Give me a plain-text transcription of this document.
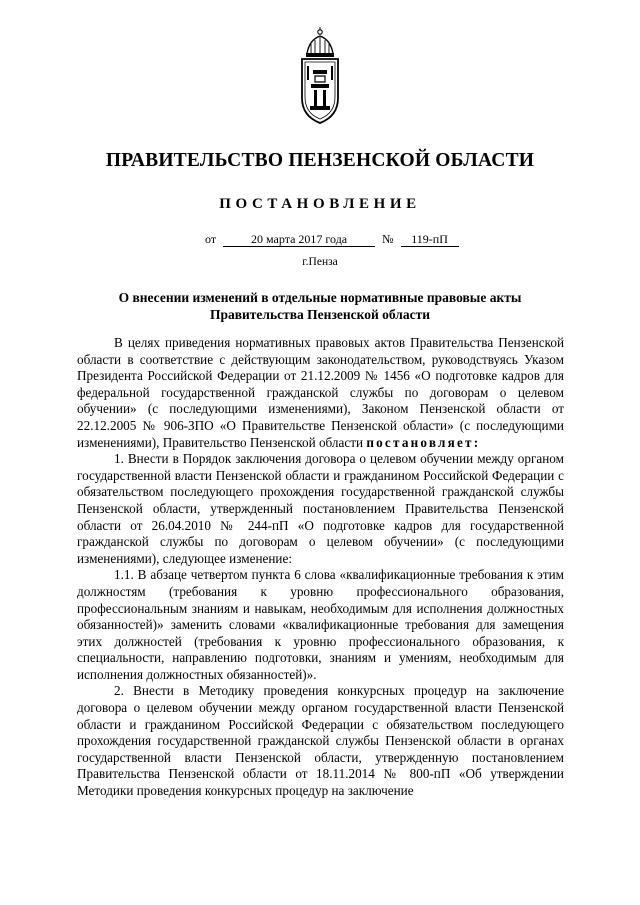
ПРАВИТЕЛЬСТВО ПЕНЗЕНСКОЙ ОБЛАСТИ
ПОСТАНОВЛЕНИЕ
от	20 марта 2017 года	№ 119-пП
г.Пенза
О внесении изменений в отдельные нормативные правовые акты
Правительства Пензенской области

В целях приведения нормативных правовых актов Правительства Пензенской области в соответствие с действующим законодательством, руководствуясь Указом Президента Российской Федерации от 21.12.2009 № 1456 «О подготовке кадров для федеральной государственной гражданской службы по договорам о целевом обучении» (с последующими изменениями), Законом Пензенской области от 22.12.2005 № 906-ЗПО «О Правительстве Пензенской области» (с последующими изменениями), Правительство Пензенской области постановляет:

1. Внести в Порядок заключения договора о целевом обучении между органом государственной власти Пензенской области и гражданином Российской Федерации с обязательством последующего прохождения государственной гражданской службы Пензенской области, утвержденный постановлением Правительства Пензенской области от 26.04.2010 № 244-пП «О подготовке кадров для государственной гражданской службы по договорам о целевом обучении» (с последующими изменениями), следующее изменение:

1.1. В абзаце четвертом пункта 6 слова «квалификационные требования к этим должностям (требования к уровню профессионального образования, профессиональным знаниям и навыкам, необходимым для исполнения должностных обязанностей)» заменить словами «квалификационные требования для замещения этих должностей (требования к уровню профессионального образования, к специальности, направлению подготовки, знаниям и умениям, необходимым для исполнения должностных обязанностей)».

2. Внести в Методику проведения конкурсных процедур на заключение договора о целевом обучении между органом государственной власти Пензенской области и гражданином Российской Федерации с обязательством последующего прохождения государственной гражданской службы Пензенской области в органах государственной власти Пензенской области, утвержденную постановлением Правительства Пензенской области от 18.11.2014 № 800-пП «Об утверждении Методики проведения конкурсных процедур на заключение
